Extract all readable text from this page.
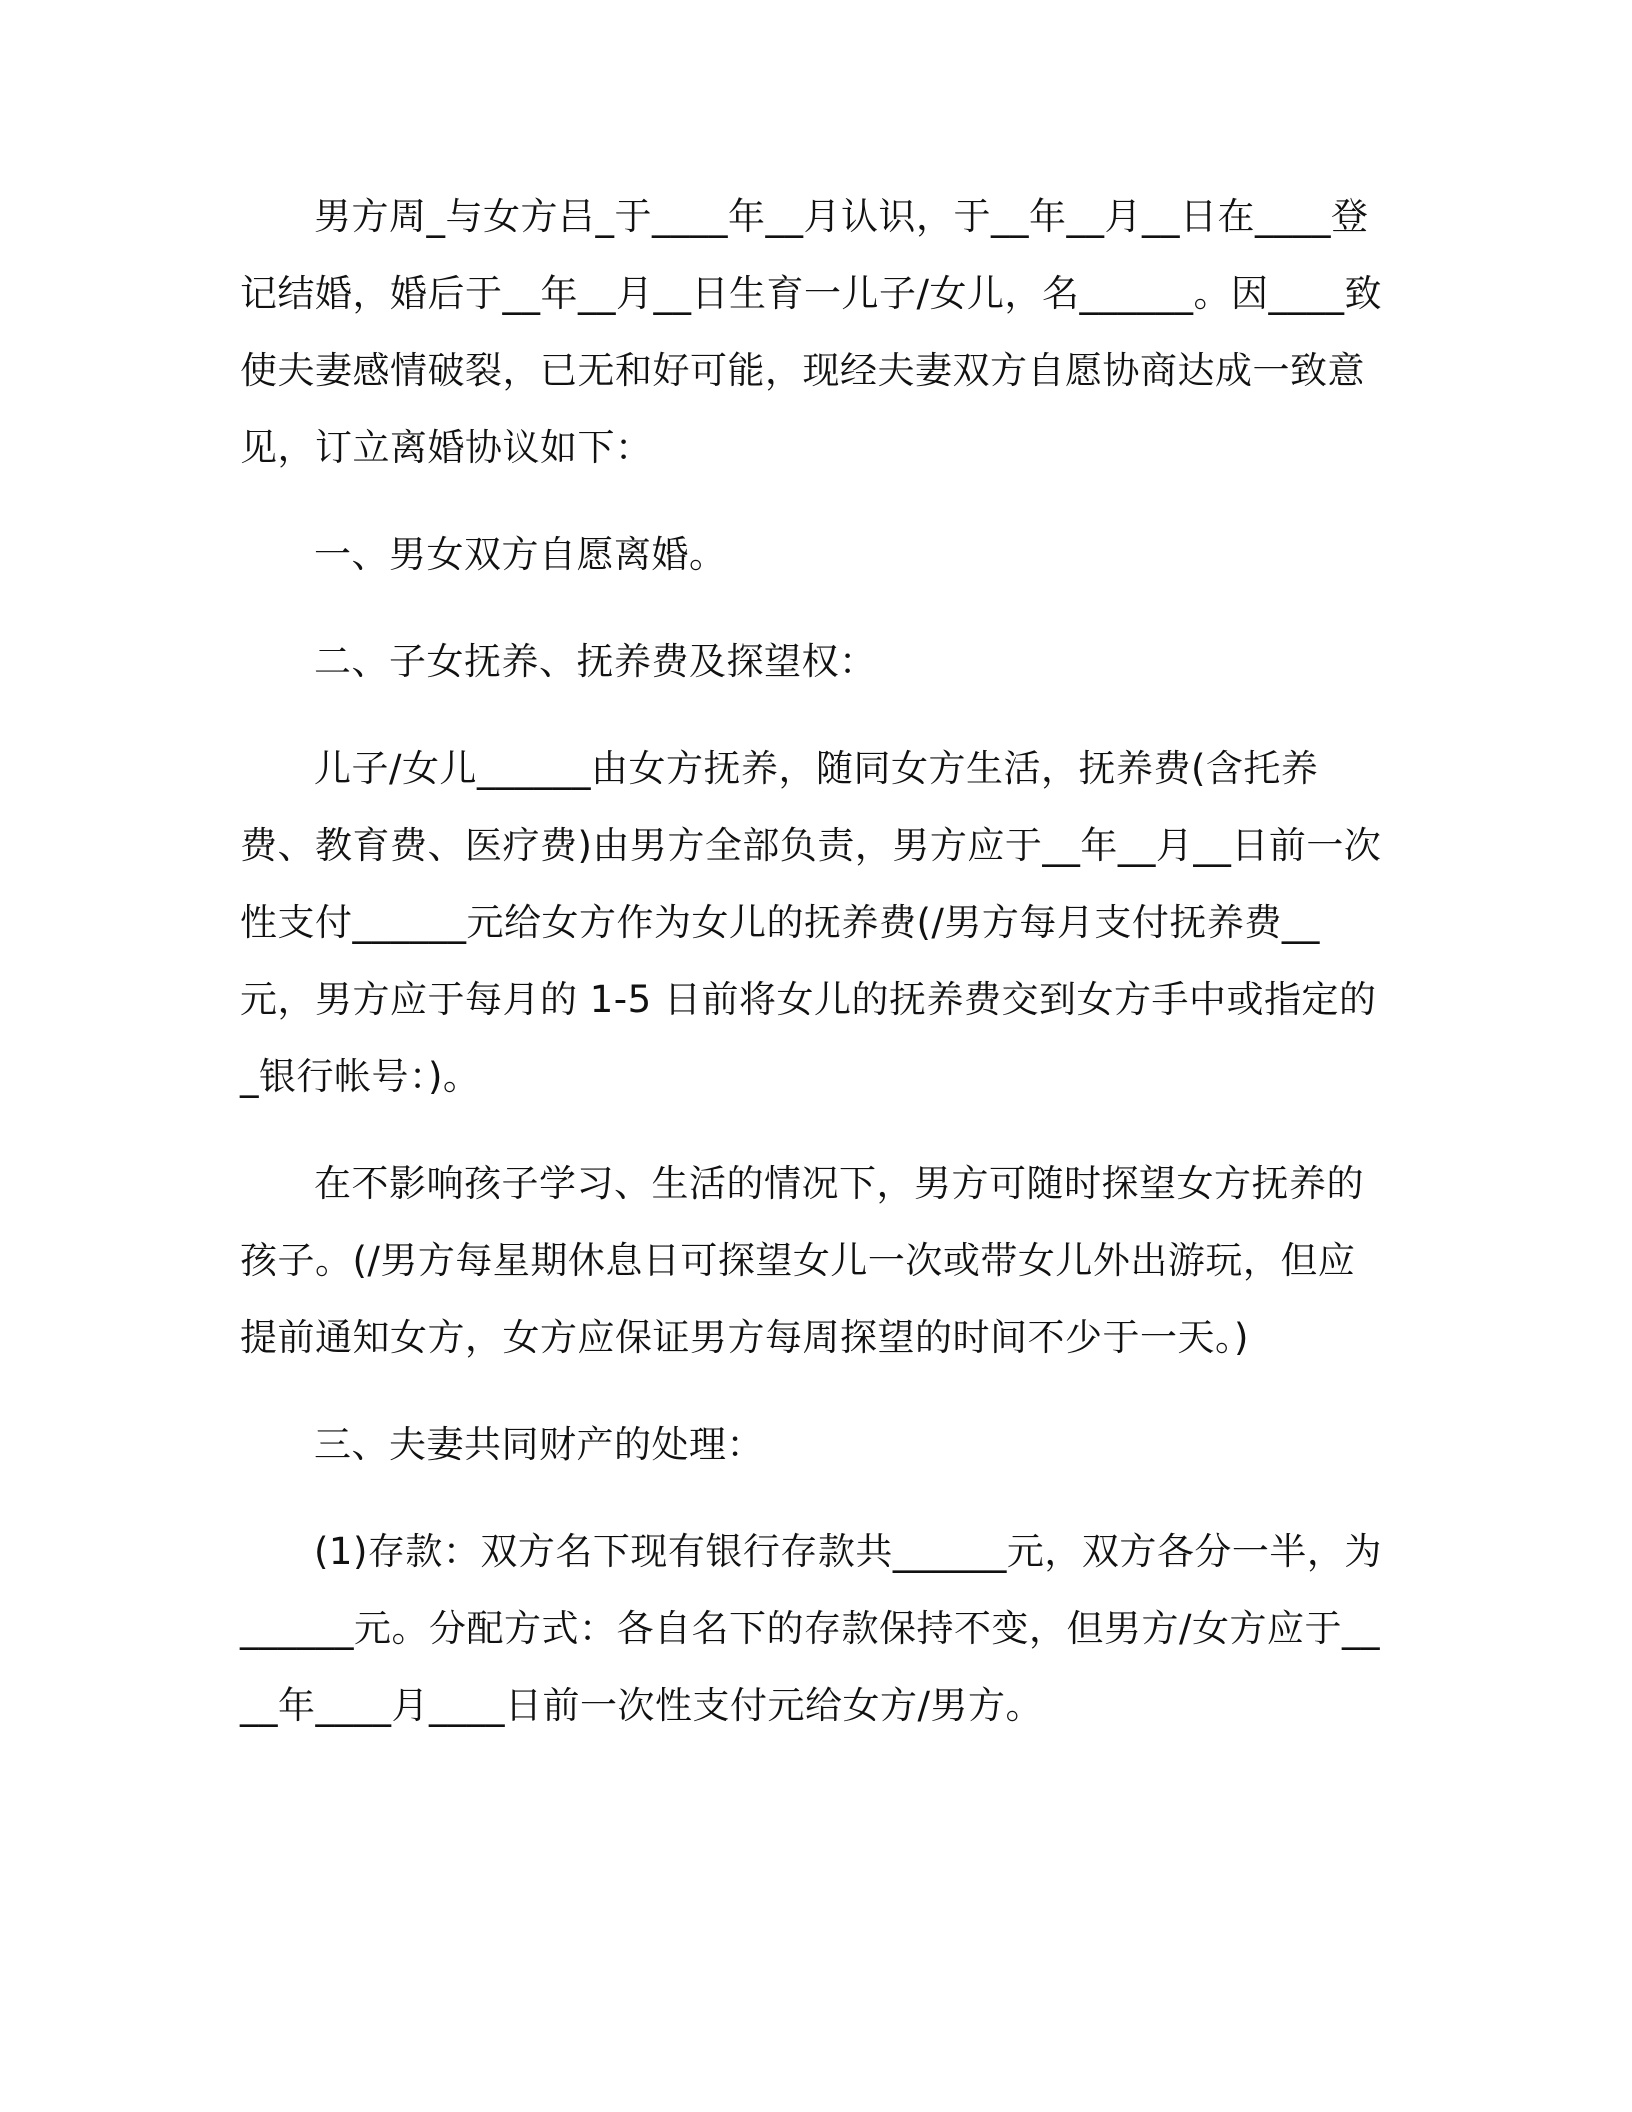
男方周_与女方吕_于____年__月认识，于__年__月__日在____登记结婚，婚后于__年__月__日生育一儿子/女儿，名______。因____致使夫妻感情破裂，已无和好可能，现经夫妻双方自愿协商达成一致意见，订立离婚协议如下：

一、男女双方自愿离婚。

二、子女抚养、抚养费及探望权：

儿子/女儿______由女方抚养，随同女方生活，抚养费(含托养费、教育费、医疗费)由男方全部负责，男方应于__年__月__日前一次性支付______元给女方作为女儿的抚养费(/男方每月支付抚养费__元，男方应于每月的 1-5 日前将女儿的抚养费交到女方手中或指定的_银行帐号：)。

在不影响孩子学习、生活的情况下，男方可随时探望女方抚养的孩子。(/男方每星期休息日可探望女儿一次或带女儿外出游玩，但应提前通知女方，女方应保证男方每周探望的时间不少于一天。)

三、夫妻共同财产的处理：

(1)存款：双方名下现有银行存款共______元，双方各分一半，为______元。分配方式：各自名下的存款保持不变，但男方/女方应于____年____月____日前一次性支付元给女方/男方。
